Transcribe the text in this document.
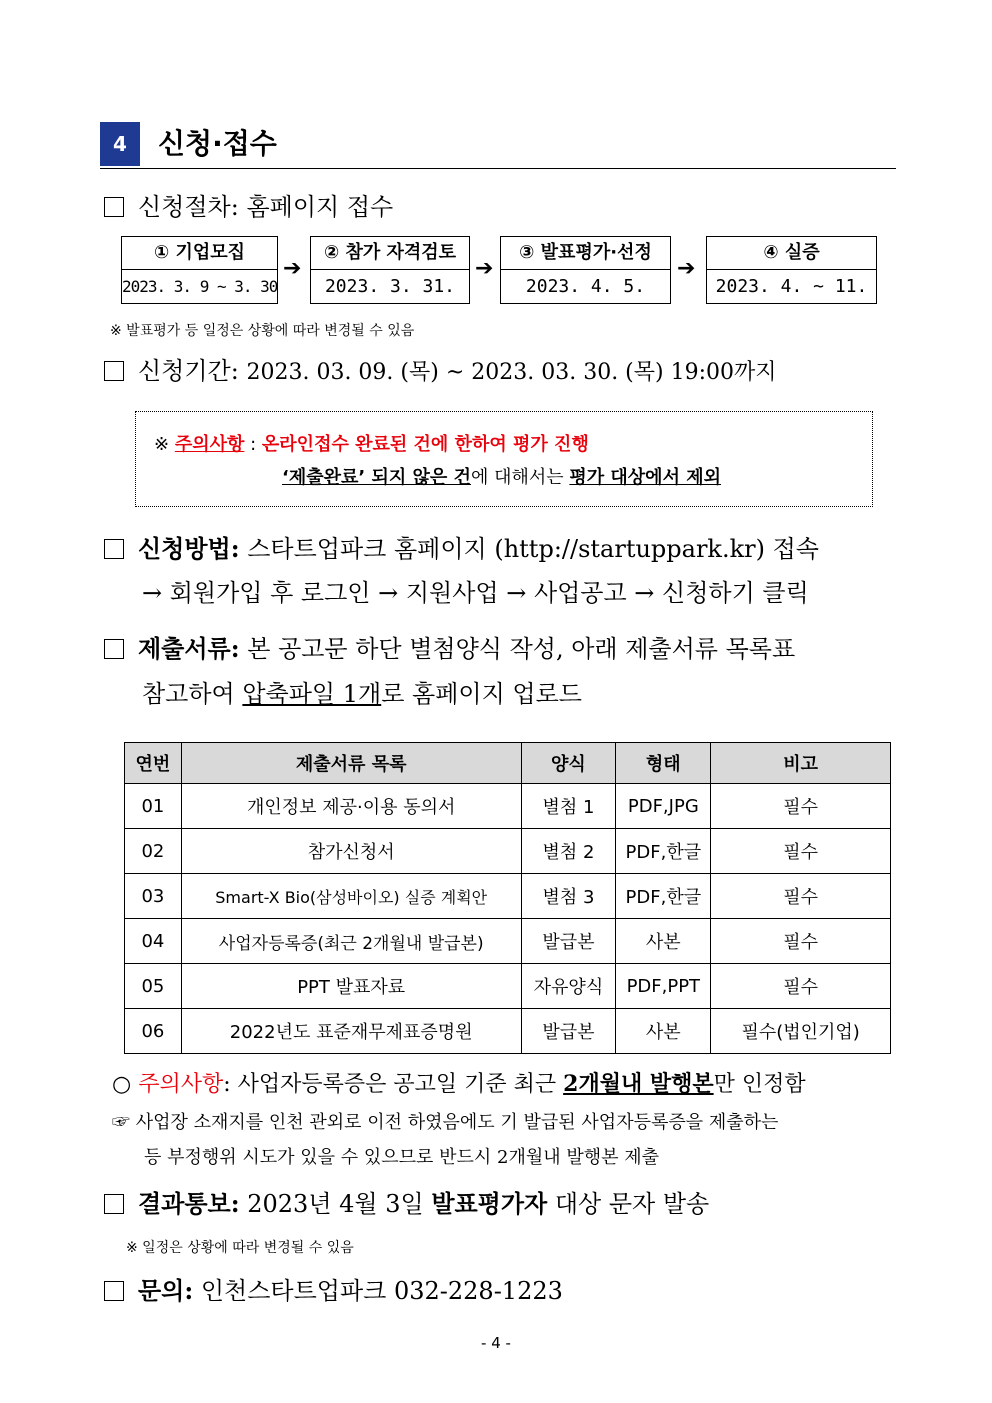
4	신청·접수
신청절차: 홈페이지 접수
① 기업모집
2023. 3. 9 ~ 3. 30
➔
② 참가 자격검토
2023. 3. 31.
➔
③ 발표평가·선정
2023. 4. 5.
➔
④ 실증
2023. 4. ~ 11.
※ 발표평가 등 일정은 상황에 따라 변경될 수 있음
신청기간: 2023. 03. 09. (목) ~ 2023. 03. 30. (목) 19:00까지
※ 주의사항 : 온라인접수 완료된 건에 한하여 평가 진행
‘제출완료’ 되지 않은 건에 대해서는 평가 대상에서 제외
신청방법: 스타트업파크 홈페이지 (http://startuppark.kr) 접속
→ 회원가입 후 로그인 → 지원사업 → 사업공고 → 신청하기 클릭
제출서류: 본 공고문 하단 별첨양식 작성, 아래 제출서류 목록표
참고하여 압축파일 1개로 홈페이지 업로드
연번	제출서류 목록	양식	형태	비고
01	개인정보 제공·이용 동의서	별첨 1	PDF,JPG	필수
02	참가신청서	별첨 2	PDF,한글	필수
03	Smart-X Bio(삼성바이오) 실증 계획안	별첨 3	PDF,한글	필수
04	사업자등록증(최근 2개월내 발급본)	발급본	사본	필수
05	PPT 발표자료	자유양식	PDF,PPT	필수
06	2022년도 표준재무제표증명원	발급본	사본	필수(법인기업)
○ 주의사항: 사업자등록증은 공고일 기준 최근 2개월내 발행본만 인정함
☞ 사업장 소재지를 인천 관외로 이전 하였음에도 기 발급된 사업자등록증을 제출하는
등 부정행위 시도가 있을 수 있으므로 반드시 2개월내 발행본 제출
결과통보: 2023년 4월 3일 발표평가자 대상 문자 발송
※ 일정은 상황에 따라 변경될 수 있음
문의: 인천스타트업파크 032-228-1223
- 4 -
